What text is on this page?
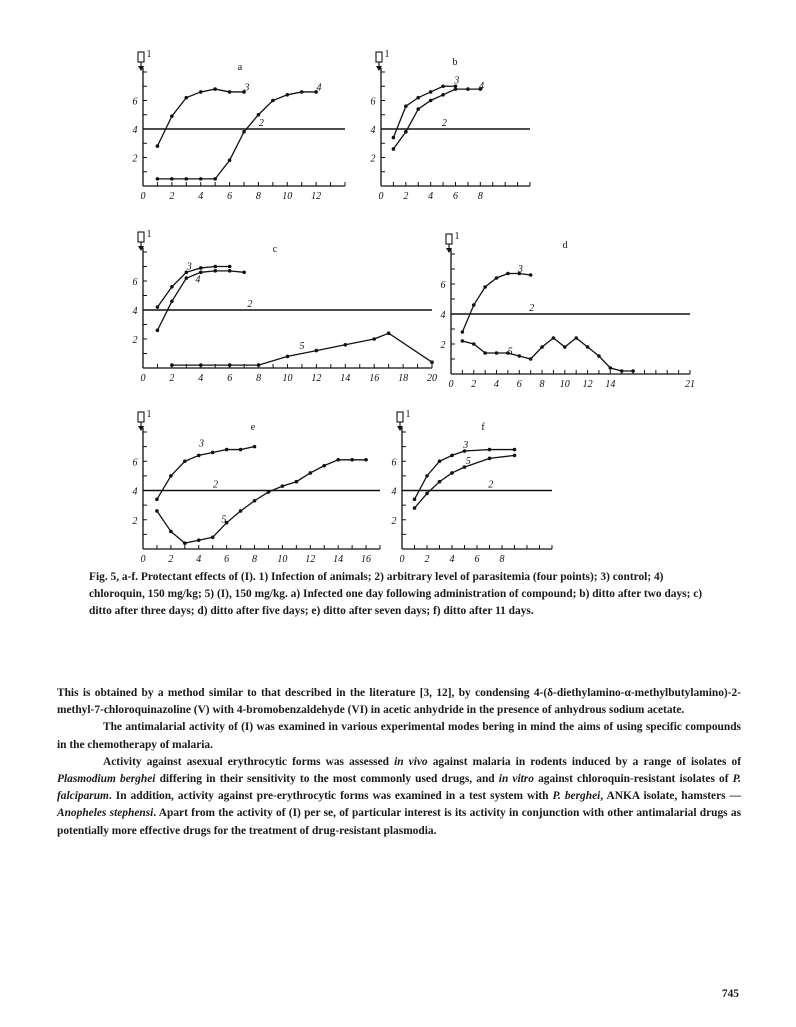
0 2 4 6 8 10 12
2
4
6
1
3	4
2
a
0 2 4 6 8
2
4
6
1
3
4
2
b
0 2 4 6 8 10 12 14 16 18 20
2
4
6
1
3
4
2
5
c
0 2 4 6 8 10 12 14	21
2
4
6
1
3
2
5
d
0 2 4 6 8 10 12 14 16
2
4
6
1
3
2
5
e
0 2 4 6 8
2
4
6
1
3
5
2
f
Fig. 5, a-f. Protectant effects of (I). 1) Infection of animals; 2) arbitrary level of parasitemia (four points); 3) control; 4) chloroquin, 150 mg/kg; 5) (I), 150 mg/kg. a) Infected one day following administration of compound; b) ditto after two days; c) ditto after three days; d) ditto after five days; e) ditto after seven days; f) ditto after 11 days.

This is obtained by a method similar to that described in the literature [3, 12], by condensing 4-(δ-diethylamino-α-methylbutylamino)-2-methyl-7-chloroquinazoline (V) with 4-bromobenzaldehyde (VI) in acetic anhydride in the presence of anhydrous sodium acetate.

The antimalarial activity of (I) was examined in various experimental modes bering in mind the aims of using specific compounds in the chemotherapy of malaria.

Activity against asexual erythrocytic forms was assessed in vivo against malaria in rodents induced by a range of isolates of Plasmodium berghei differing in their sensitivity to the most commonly used drugs, and in vitro against chloroquin-resistant isolates of P. falciparum. In addition, activity against pre-erythrocytic forms was examined in a test system with P. berghei, ANKA isolate, hamsters — Anopheles stephensi. Apart from the activity of (I) per se, of particular interest is its activity in conjunction with other antimalarial drugs as potentially more effective drugs for the treatment of drug-resistant plasmodia.

745
